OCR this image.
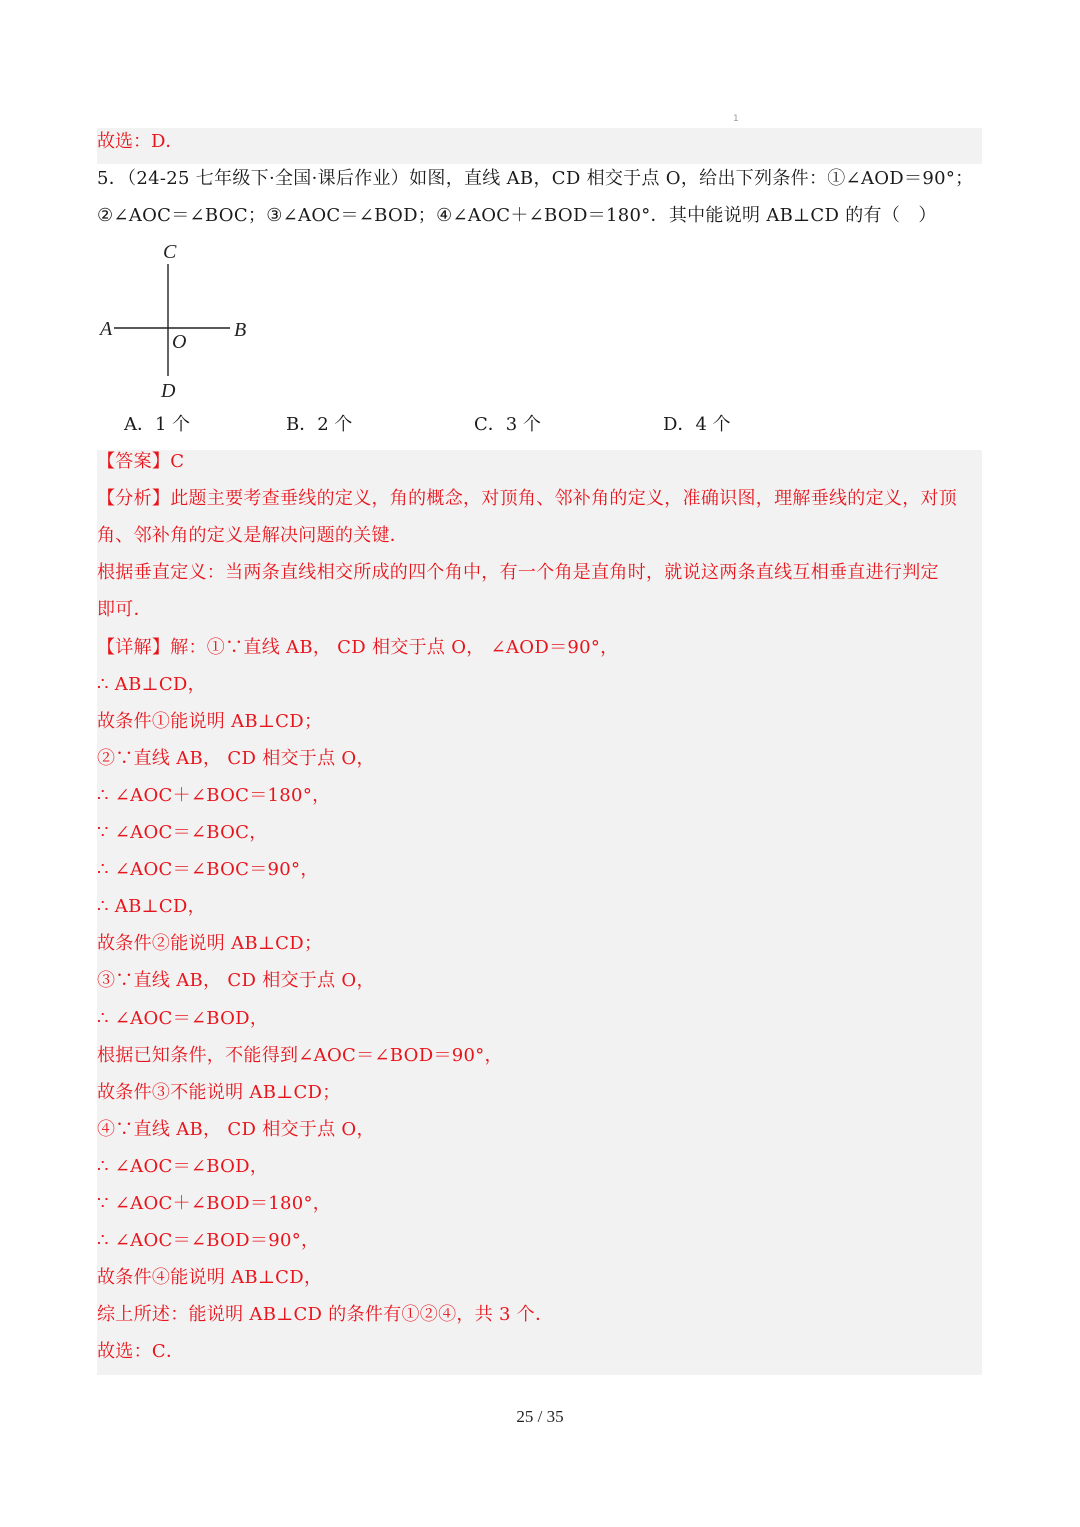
1
故选：D．
5．（24-25 七年级下·全国·课后作业）如图，直线 AB，CD 相交于点 O，给出下列条件：①∠AOD＝90°；
②∠AOC＝∠BOC；③∠AOC＝∠BOD；④∠AOC＋∠BOD＝180°．其中能说明 AB⊥CD 的有（　）
C
A	B
O
D
A．1 个	B．2 个	C．3 个	D．4 个
【答案】C
【分析】此题主要考查垂线的定义，角的概念，对顶角、邻补角的定义，准确识图，理解垂线的定义，对顶
角、邻补角的定义是解决问题的关键．
根据垂直定义：当两条直线相交所成的四个角中，有一个角是直角时，就说这两条直线互相垂直进行判定
即可．
【详解】解：①∵直线 AB， CD 相交于点 O， ∠AOD＝90°，
∴ AB⊥CD，
故条件①能说明 AB⊥CD；
②∵直线 AB， CD 相交于点 O，
∴ ∠AOC＋∠BOC＝180°，
∵ ∠AOC＝∠BOC，
∴ ∠AOC＝∠BOC＝90°，
∴ AB⊥CD，
故条件②能说明 AB⊥CD；
③∵直线 AB， CD 相交于点 O，
∴ ∠AOC＝∠BOD，
根据已知条件，不能得到∠AOC＝∠BOD＝90°，
故条件③不能说明 AB⊥CD；
④∵直线 AB， CD 相交于点 O，
∴ ∠AOC＝∠BOD，
∵ ∠AOC＋∠BOD＝180°，
∴ ∠AOC＝∠BOD＝90°，
故条件④能说明 AB⊥CD，
综上所述：能说明 AB⊥CD 的条件有①②④，共 3 个．
故选：C．
25 / 35
